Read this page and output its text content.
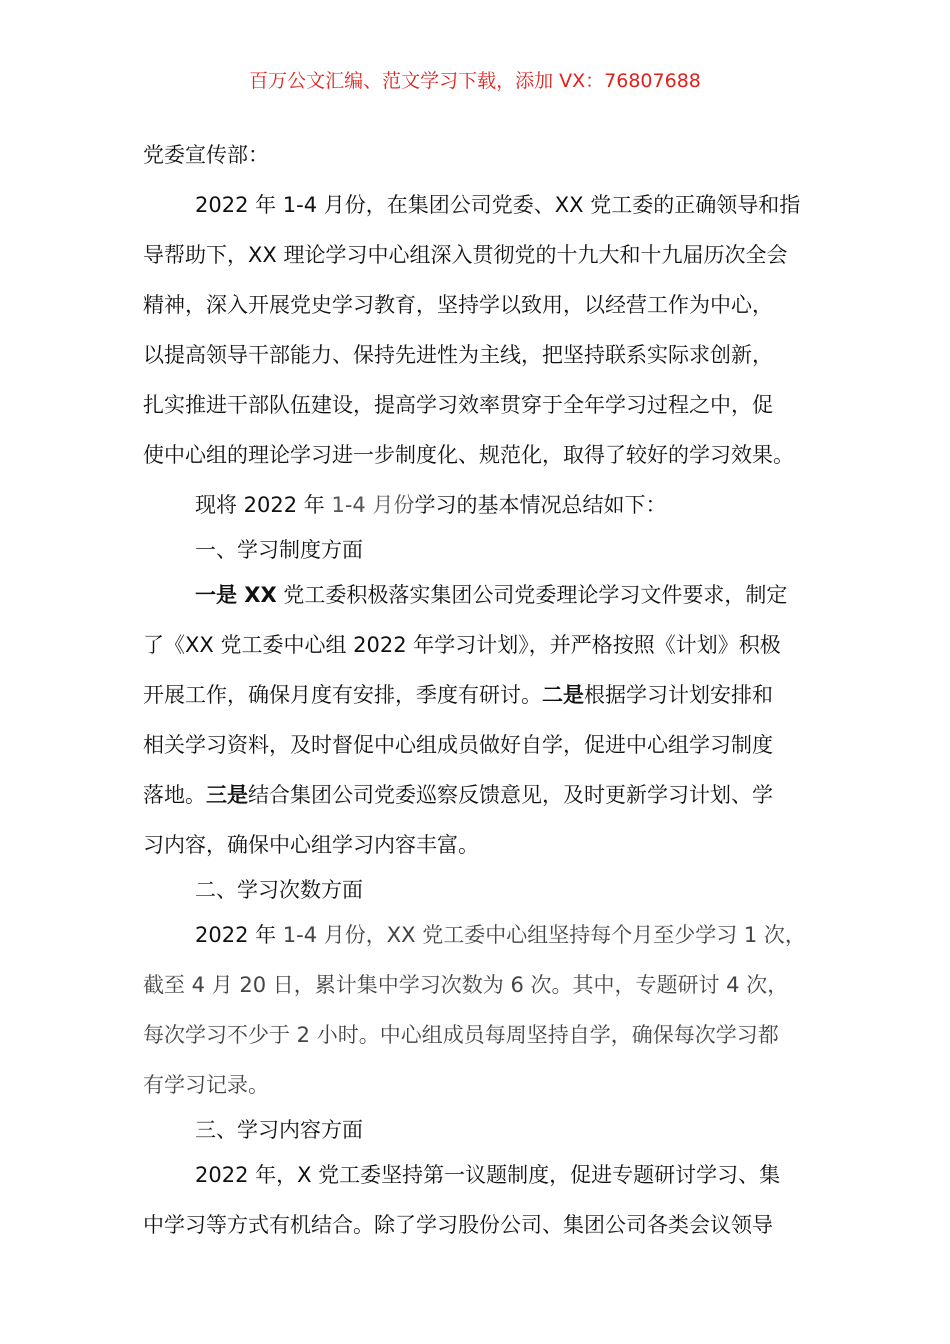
百万公文汇编、范文学习下载，添加 VX：76807688
党委宣传部：
2022 年 1-4 月份，在集团公司党委、XX 党工委的正确领导和指
导帮助下，XX 理论学习中心组深入贯彻党的十九大和十九届历次全会
精神，深入开展党史学习教育，坚持学以致用，以经营工作为中心，
以提高领导干部能力、保持先进性为主线，把坚持联系实际求创新，
扎实推进干部队伍建设，提高学习效率贯穿于全年学习过程之中，促
使中心组的理论学习进一步制度化、规范化，取得了较好的学习效果。
现将 2022 年 1-4 月份学习的基本情况总结如下：
一、学习制度方面
一是 XX 党工委积极落实集团公司党委理论学习文件要求，制定
了《XX 党工委中心组 2022 年学习计划》，并严格按照《计划》积极
开展工作，确保月度有安排，季度有研讨。二是根据学习计划安排和
相关学习资料，及时督促中心组成员做好自学，促进中心组学习制度
落地。三是结合集团公司党委巡察反馈意见，及时更新学习计划、学
习内容，确保中心组学习内容丰富。
二、学习次数方面
2022 年 1-4 月份，XX 党工委中心组坚持每个月至少学习 1 次，
截至 4 月 20 日，累计集中学习次数为 6 次。其中，专题研讨 4 次，
每次学习不少于 2 小时。中心组成员每周坚持自学，确保每次学习都
有学习记录。
三、学习内容方面
2022 年，X 党工委坚持第一议题制度，促进专题研讨学习、集
中学习等方式有机结合。除了学习股份公司、集团公司各类会议领导
